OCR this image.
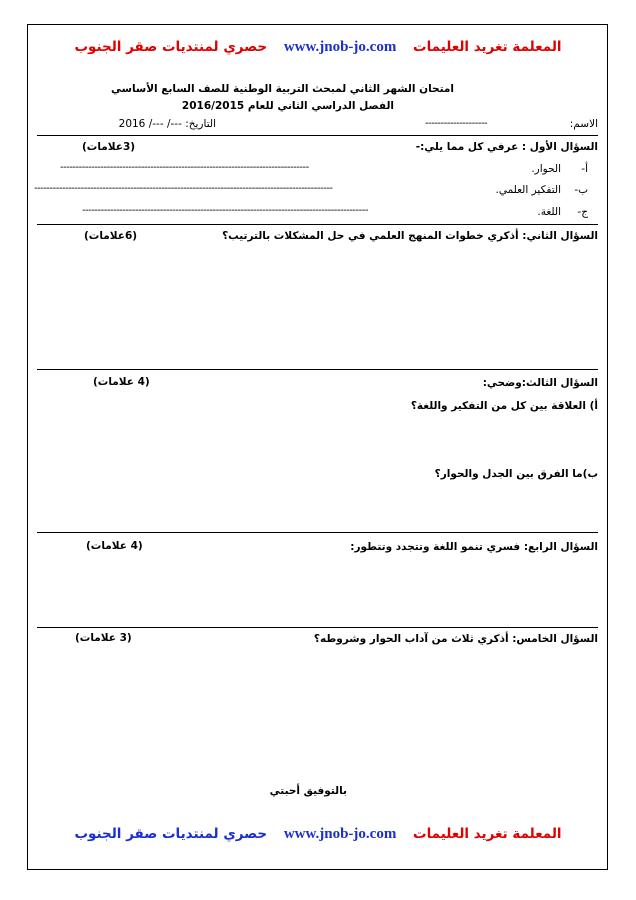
المعلمة تغريد العليمات www.jnob-jo.com حصري لمنتديات صقر الجنوب
امتحان الشهر الثاني لمبحث التربية الوطنية للصف السابع الأساسي
الفصل الدراسي الثاني للعام 2016/2015
الاسم:
--------------------
التاريخ: ---/ ---/ 2016
السؤال الأول : عرفي كل مما يلي:-
(3علامات)
أ-
الحوار.
--------------------------------------------------------------------------------
ب-
التفكير العلمي.
------------------------------------------------------------------------------------------------
ج-
اللغة.
--------------------------------------------------------------------------------------------
السؤال الثاني: أذكري خطوات المنهج العلمي في حل المشكلات بالترتيب؟
(6علامات)
السؤال الثالث:وضحي:
(4 علامات)
أ) العلاقة بين كل من التفكير واللغة؟
ب)ما الفرق بين الجدل والحوار؟
السؤال الرابع: فسري تنمو اللغة وتتجدد وتتطور:
(4 علامات)
السؤال الخامس: أذكري ثلاث من آداب الحوار وشروطه؟
(3 علامات)
بالتوفيق أحبتي
المعلمة تغريد العليمات www.jnob-jo.com حصري لمنتديات صقر الجنوب
